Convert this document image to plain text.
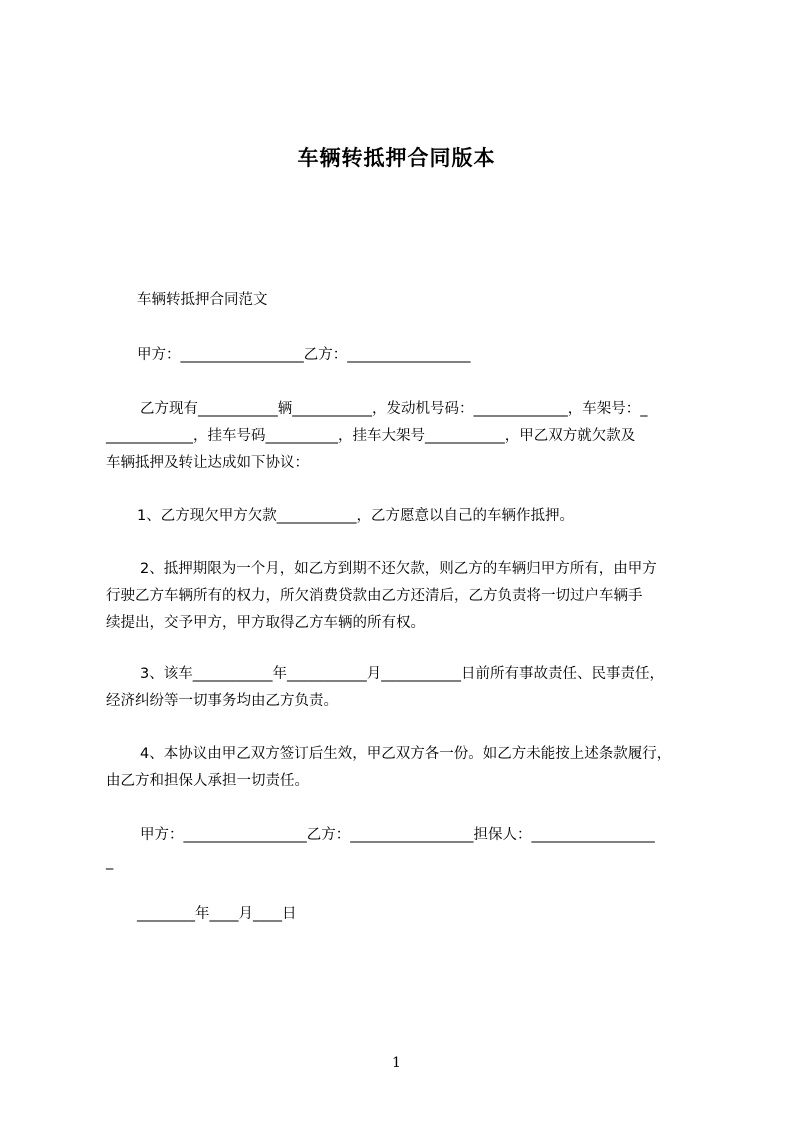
车辆转抵押合同版本
车辆转抵押合同范文
甲方：_________________乙方：_________________
乙方现有___________辆___________，发动机号码：_____________，车架号：_
____________，挂车号码__________，挂车大架号___________，甲乙双方就欠款及
车辆抵押及转让达成如下协议：
1、乙方现欠甲方欠款___________，乙方愿意以自己的车辆作抵押。
2、抵押期限为一个月，如乙方到期不还欠款，则乙方的车辆归甲方所有，由甲方
行驶乙方车辆所有的权力，所欠消费贷款由乙方还清后，乙方负责将一切过户车辆手
续提出，交予甲方，甲方取得乙方车辆的所有权。
3、该车___________年___________月___________日前所有事故责任、民事责任，
经济纠纷等一切事务均由乙方负责。
4、本协议由甲乙双方签订后生效，甲乙双方各一份。如乙方未能按上述条款履行，
由乙方和担保人承担一切责任。
甲方：_________________乙方：_________________担保人：_________________
_
________年____月____日
1
